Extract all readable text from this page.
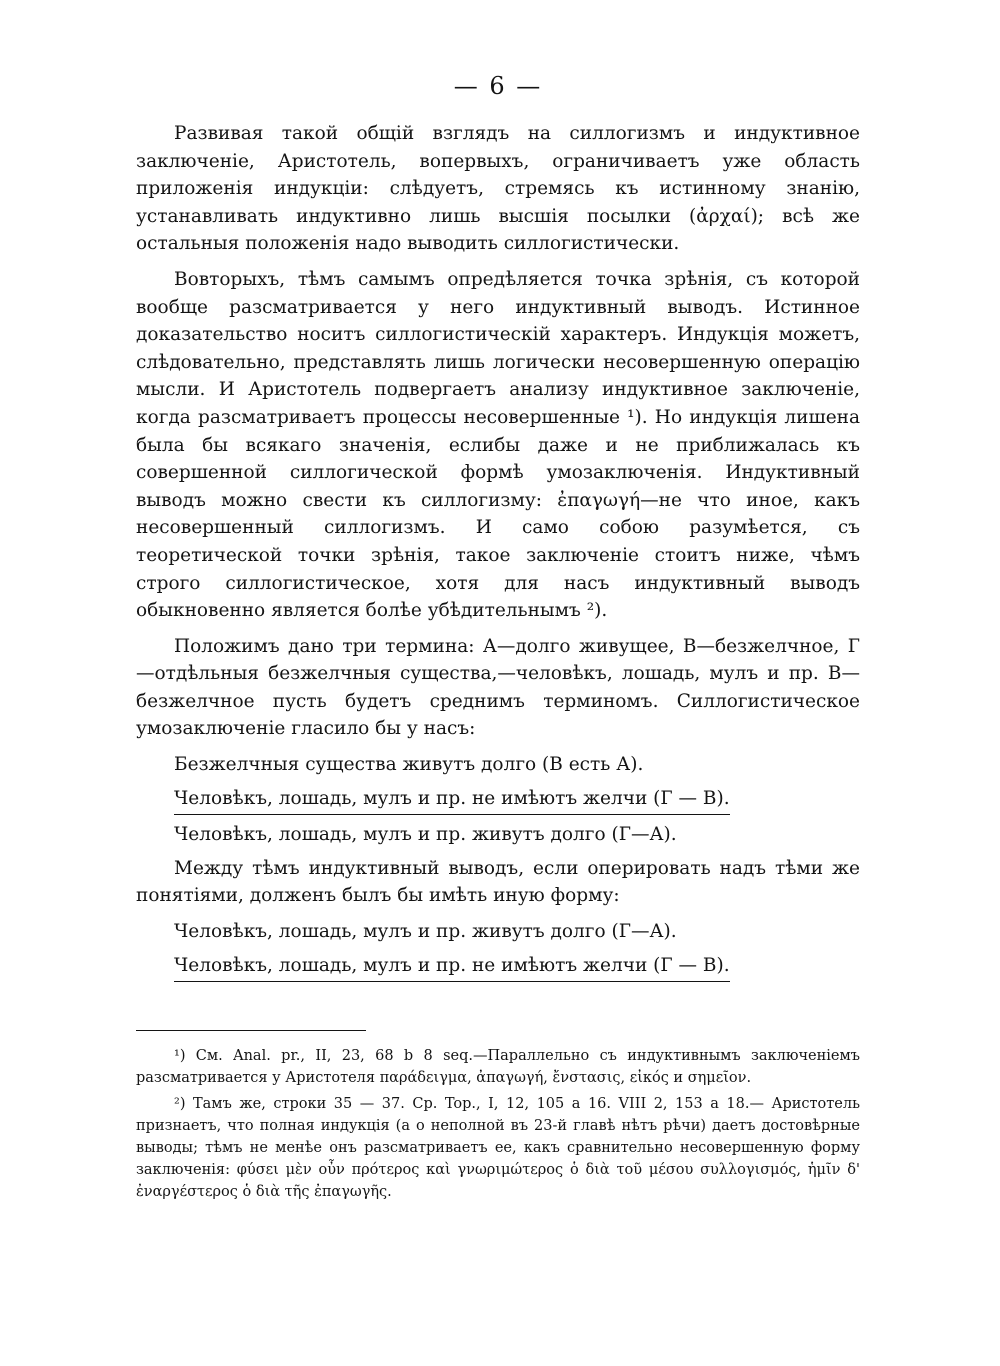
— 6 —

Развивая такой общій взглядъ на силлогизмъ и индуктивное заключеніе, Аристотель, вопервыхъ, ограничиваетъ уже область приложенія индукціи: слѣдуетъ, стремясь къ истинному знанію, устанавливать индуктивно лишь высшія посылки (ἀρχαί); всѣ же остальныя положенія надо выводить силлогистически.

Вовторыхъ, тѣмъ самымъ опредѣляется точка зрѣнія, съ которой вообще разсматривается у него индуктивный выводъ. Истинное доказательство носитъ силлогистическій характеръ. Индукція можетъ, слѣдовательно, представлять лишь логически несовершенную операцію мысли. И Аристотель подвергаетъ анализу индуктивное заключеніе, когда разсматриваетъ процессы несовершенные ¹). Но индукція лишена была бы всякаго значенія, еслибы даже и не приближалась къ совершенной силлогической формѣ умозаключенія. Индуктивный выводъ можно свести къ силлогизму: ἐπαγωγή—не что иное, какъ несовершенный силлогизмъ. И само собою разумѣется, съ теоретической точки зрѣнія, такое заключеніе стоитъ ниже, чѣмъ строго силлогистическое, хотя для насъ индуктивный выводъ обыкновенно является болѣе убѣдительнымъ ²).

Положимъ дано три термина: А—долго живущее, В—безжелчное, Г—отдѣльныя безжелчныя существа,—человѣкъ, лошадь, мулъ и пр. В—безжелчное пусть будетъ среднимъ терминомъ. Силлогистическое умозаключеніе гласило бы у насъ:

Безжелчныя существа живутъ долго (В есть А).
Человѣкъ, лошадь, мулъ и пр. не имѣютъ желчи (Г — В).
Человѣкъ, лошадь, мулъ и пр. живутъ долго (Г—А).

Между тѣмъ индуктивный выводъ, если оперировать надъ тѣми же понятіями, долженъ былъ бы имѣть иную форму:

Человѣкъ, лошадь, мулъ и пр. живутъ долго (Г—А).
Человѣкъ, лошадь, мулъ и пр. не имѣютъ желчи (Г — В).

¹) См. Anal. pr., II, 23, 68 b 8 seq.—Параллельно съ индуктивнымъ заключеніемъ разсматривается у Аристотеля παράδειγμα, ἀπαγωγή, ἔνστασις, εἰκός и σημεῖον.

²) Тамъ же, строки 35 — 37. Cp. Top., I, 12, 105 a 16. VIII 2, 153 a 18.— Аристотель признаетъ, что полная индукція (а о неполной въ 23-й главѣ нѣтъ рѣчи) даетъ достовѣрные выводы; тѣмъ не менѣе онъ разсматриваетъ ее, какъ сравнительно несовершенную форму заключенія: φύσει μὲν οὖν πρότερος καὶ γνωριμώτερος ὁ διὰ τοῦ μέσου συλλογισμός, ἡμῖν δ' ἐναργέστερος ὁ διὰ τῆς ἐπαγωγῆς.
